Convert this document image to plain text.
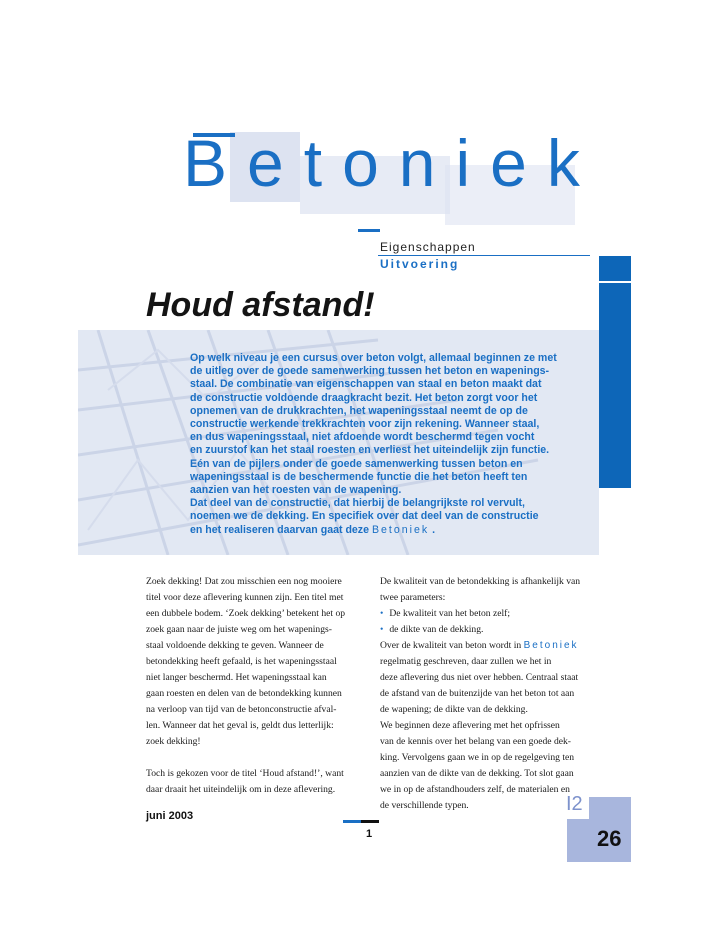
Betoniek
Eigenschappen
Uitvoering
Houd afstand!
Op welk niveau je een cursus over beton volgt, allemaal beginnen ze met
de uitleg over de goede samenwerking tussen het beton en wapenings-
staal. De combinatie van eigenschappen van staal en beton maakt dat
de constructie voldoende draagkracht bezit. Het beton zorgt voor het
opnemen van de drukkrachten, het wapeningsstaal neemt de op de
constructie werkende trekkrachten voor zijn rekening. Wanneer staal,
en dus wapeningsstaal, niet afdoende wordt beschermd tegen vocht
en zuurstof kan het staal roesten en verliest het uiteindelijk zijn functie.
Eén van de pijlers onder de goede samenwerking tussen beton en
wapeningsstaal is de beschermende functie die het beton heeft ten
aanzien van het roesten van de wapening.
Dat deel van de constructie, dat hierbij de belangrijkste rol vervult,
noemen we de dekking. En specifiek over dat deel van de constructie
en het realiseren daarvan gaat deze Betoniek .

Zoek dekking! Dat zou misschien een nog mooiere

titel voor deze aflevering kunnen zijn. Een titel met

een dubbele bodem. ‘Zoek dekking’ betekent het op

zoek gaan naar de juiste weg om het wapenings-

staal voldoende dekking te geven. Wanneer de

betondekking heeft gefaald, is het wapeningsstaal

niet langer beschermd. Het wapeningsstaal kan

gaan roesten en delen van de betondekking kunnen

na verloop van tijd van de betonconstructie afval-

len. Wanneer dat het geval is, geldt dus letterlijk:

zoek dekking!

Toch is gekozen voor de titel ‘Houd afstand!’, want

daar draait het uiteindelijk om in deze aflevering.

De kwaliteit van de betondekking is afhankelijk van

twee parameters:

• De kwaliteit van het beton zelf;

• de dikte van de dekking.

Over de kwaliteit van beton wordt in Betoniek

regelmatig geschreven, daar zullen we het in

deze aflevering dus niet over hebben. Centraal staat

de afstand van de buitenzijde van het beton tot aan

de wapening; de dikte van de dekking.

We beginnen deze aflevering met het opfrissen

van de kennis over het belang van een goede dek-

king. Vervolgens gaan we in op de regelgeving ten

aanzien van de dikte van de dekking. Tot slot gaan

we in op de afstandhouders zelf, de materialen en

de verschillende typen.

juni 2003
1
I2
26
